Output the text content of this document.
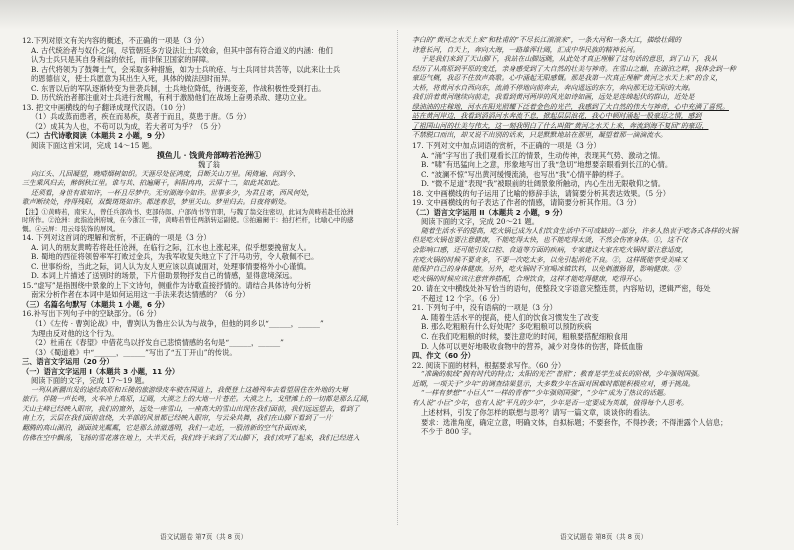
12.下列对原文有关内容的概述，不正确的一项是（3 分）

A. 古代统治者与奴仆之间，尽管朝廷多方设法让士兵效命，但其中部有符合道义的内涵：他们

认为士兵只是其自身利益的依托，而非保卫国家的屏障。

B. 古代将领为了鼓舞士气，会采取多种措施，如为士兵吮疮、与士兵同甘共苦等，以此来让士兵

的恩德信义，使士兵愿意为其出生入死，具体的做法因时而异。

C. 东晋以后的军队逐渐转变为世袭兵制，士兵地位降低，待遇变差，作战积极性受到打击。

D. 历代统治者都注重对士兵进行赏赐，有利于激励他们在战场上奋勇杀敌、建功立业。

13. 把文中画横线的句子翻译成现代汉语。（10 分）

（1）兵或蒸而患者，疾在而易疾，莫者于而且，莫患于唐。（5 分）

（2）成其为人也，不苟可以为成，若大者可为乎？（5 分）

（二）古代诗歌阅读（本题共 2 小题，9 分）

阅读下面这首宋词，完成 14～15 题。

摸鱼儿 · 饯黄舟部畴若沧洲①

魏了翁

向江头、几回凝望，晚晴烟树如织。天涯尽处征鸿度，目断关山万里。闲倚遍、问到今、

三生乘风归去，醉倒秋江里。谁与共、拍遍阑干，斜阳冉冉，云屏十二，如此其如此。

还须看，身世有谁知许，一杯且尽梦中。无穷湖海今如许。世事多少，为君且寄，西风何处，

歌声断续处，待得残阳，双鬓斑斑如许。都迷春思，梦里关山。梦里归去。日夜将朝处。

【注】①黄畴若，南宋人，曾任兵部尚书、吏部侍郎、户部尚书等官职，与魏了翁交往密切，此词为黄畴若赴任沧洲

时所作。②沧洲：此指沧洲府城，在今浙江一带，黄畴若曾任两浙转运副使。③拍遍阑干：拍打栏杆，比喻心中的感

慨。④云屏：用云母装饰的屏风。

14. 下列对这首词的理解和赏析，不正确的一项是（3 分）

A. 词人的朋友黄畴若将赴任沧洲，在临行之际，江水也上涨起来，似乎想要挽留友人。

B. 蜀地的西征将领曾率军打败过金兵，为我军收复失地立下了汗马功劳，令人敬佩不已。

C. 世事纷纷，当此之际，词人认为友人更应该以真诚面对，处理事情要格外小心谨慎。

D. 本词上片描述了送别时的场景，下片借助景物抒发自己的情感，显得意境深远。

15.“虚写”是指围绕中景象的上下文诗句，侧重作为诗歌直接抒情的。请结合具体诗句分析

南宋分析作者在本词中是如何运用这一手法来表达情感的？（6 分）

（三）名篇名句默写（本题共 1 小题，6 分）

16.补写出下列句子中的空缺部分。（6 分）

（1）《左传 · 曹刿论战》中，曹刿认为鲁庄公认为与战争，但他的同乡以“______，______”

为理由反对他的这个行为。

（2）杜甫在《春望》中借花鸟以抒发自己悲愤情感的名句是“______，______”

（3）《蜀道难》中“______，______”写出了“五丁开山”的传说。

三、语言文字运用（20 分）

（一）语言文字运用 I（本题共 3 小题，11 分）

阅读下面的文字，完成 17～19 题。

一列从新疆出发的途经高原和丘陵的旅游绿皮车驶在国道上，我便登上这趟列车去看望居住在外地的大舅

旅行。伴随一声长鸣，火车冲上高原，辽阔，大漠之上的大地一片苍茫。大漠之上，戈壁滩上的一切都是那么辽阔，

天山主峰已经映入眼帘，我们的窗外，远处一座雪山，一座高大的雪山出现在我们面前，我们远远望去，看到了

南上方，云层在我们面前盘绕，大半部的风景都已经映入眼帘，与云朵共舞，我们在山脚下看到了一片

翻腾的高山湖泊，湖面波光粼粼，它是那么清澈透明，我们一走近，一股清新的空气扑面而来，

仿佛在空中飘荡，飞扬的雪花落在地上，大半天后，我们终于来到了天山脚下，我们欢呼了起来，我们已经进入

李白的“黄河之水天上来”和杜甫的“不尽长江滚滚来”，一条大河和一条大江，描绘壮阔的

诗意长河，自天上，奔向大海，一路雄浑壮阔，汇成中华民族的精神长河。

于是我们来到了天山脚下，我站在山脚远眺，从此处才真正理解了这句话的意思，到了山下，我从

经历了从高原到平原的变迁，亲身感受到了大自然的壮美与神奇。在雪山之巅、在湖泊之畔，我体会到一种

豪迈气概，我忍不住放声高歌。心中涌起无限感慨。那是我第一次真正理解“黄河之水天上来”的含义，

大桥，将黄河水自西向东，流淌不停地向前奔去，奔向遥远的东方，奔向那无边无际的大海。

我们沿着黄河继续向前走，我看到黄河两岸的风光如诗如画，远处是连绵起伏的群山，近处是

绿油油的庄稼地，河水在阳光照耀下泛着金色的光芒，我感到了大自然的伟大与神奇，心中充满了喜悦。

站在黄河岸边，我看到滔滔河水奔流不息，掀起层层浪花，我心中顿时涌起一股豪迈之情，感到

了祖国山河的壮美与伟大，这一刻我明白了什么叫做“黄河之水天上来，奔流到海不复回”的豪迈，

不禁脱口而出，却又说不出别的话来，只是默默地站在那里，凝望着那一滴滴流水。

17. 下列对文中加点词语的赏析，不正确的一项是（3 分）

A. “涌”字写出了我们观看长江的情景，生动传神，表现其气势、激动之情。

B. “啸”有迅猛向上之意，形象地写出了我“急切”地想要亲眼看到长江的心情。

C. “波澜不惊”写出黄河缓慢流淌，也写出“我”心情平静的样子。

D. “微不足道”表现“我”被眼前的壮阔景象所触动，内心生出无限敬仰之情。

18. 文中画横线的句子运用了比喻的修辞手法，请简要分析其表达效果。（5 分）

19. 文中画横线的句子表达了作者的情感，请简要分析其作用。（3 分）

（二）语言文字运用 II（本题共 2 小题，9 分）

阅读下面的文字，完成 20～21 题。

随着生活水平的提高，吃火锅已成为人们饮食生活中不可或缺的一部分，许多人热衷于吃各式各样的火锅

但是吃火锅也要注意健康，不能吃得太快，也不能吃得太烫，不然会伤害身体。①，这不仅

会影响口感，还可能引发口腔、食道等方面的疾病，专家建议大家在吃火锅时要注意适度，

在吃火锅的时候不要贪多，不要一次吃太多，以免引起消化不良。②，这样既能享受美味又

能保护自己的身体健康。另外，吃火锅时不宜喝冰镇饮料，以免刺激肠胃，影响健康。③

吃火锅的时候应该注意营养搭配，合理饮食，这样才能吃得健康，吃得开心。

20. 请在文中横线处补写恰当的语句，使整段文字语意完整连贯，内容贴切，逻辑严密，每处

不超过 12 个字。（6 分）

21. 下列句子中，没有语病的一项是（3 分）

A. 随着生活水平的提高，使人们的饮食习惯发生了改变

B. 那么吃粗粮有什么好处呢？多吃粗粮可以预防疾病

C. 在我们吃粗粮的时候，要注意吃的时间，粗粮要搭配细粮食用

D. 人体可以更好地吸收食物中的营养，减少对身体的伤害，降低血脂

四、作文（60 分）

22. 阅读下面的材料，根据要求写作。（60 分）

“准确的航线”拥有时代的特点；太阳的光芒“普照”；教育是学生成长的阶梯，少年强则国强。

近期，一项关于“少年”的调查结果显示，大多数少年在面对困难时都能积极应对，勇于挑战。

“一样有梦想”“小巨人”“一样的青春”“少年强则国强”，“少年”成为了热议的话题。

有人说“小巨”少年，也有人说“平凡的少年”，少年是否一定要成为英雄，值得每个人思考。

上述材料，引发了你怎样的联想与思考？请写一篇文章，谈谈你的看法。

要求：选准角度，确定立意，明确文体，自拟标题；不要套作，不得抄袭；不得泄露个人信息；

不少于 800 字。

语文试题卷 第7页（共 8 页）	语文试题卷 第8页（共 8 页）
